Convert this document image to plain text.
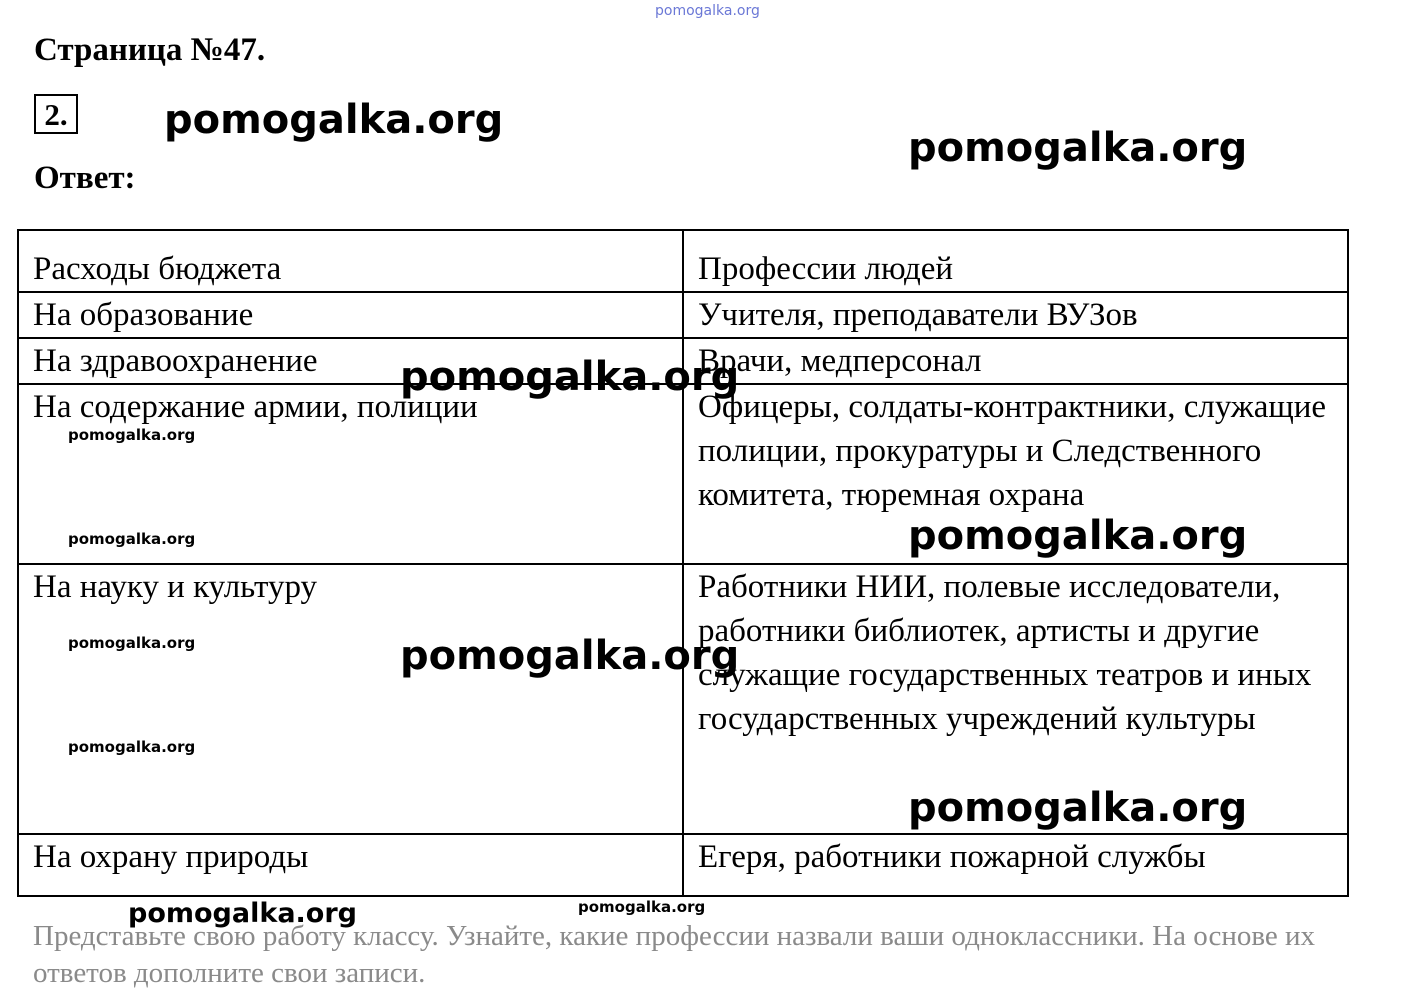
pomogalka.org
Страница №47.
2.
Ответ:
Расходы бюджета	Профессии людей
На образование	Учителя, преподаватели ВУЗов
На здравоохранение	Врачи, медперсонал
На содержание армии, полиции	Офицеры, солдаты-контрактники, служащие полиции, прокуратуры и Следственного комитета, тюремная охрана
На науку и культуру	Работники НИИ, полевые исследователи, работники библиотек, артисты и другие служащие государственных театров и иных государственных учреждений культуры
На охрану природы	Егеря, работники пожарной службы
Представьте свою работу классу. Узнайте, какие профессии назвали ваши одноклассники. На основе их ответов дополните свои записи.
pomogalka.org
pomogalka.org
pomogalka.org
pomogalka.org
pomogalka.org
pomogalka.org
pomogalka.org
pomogalka.org
pomogalka.org
pomogalka.org
pomogalka.org
pomogalka.org
